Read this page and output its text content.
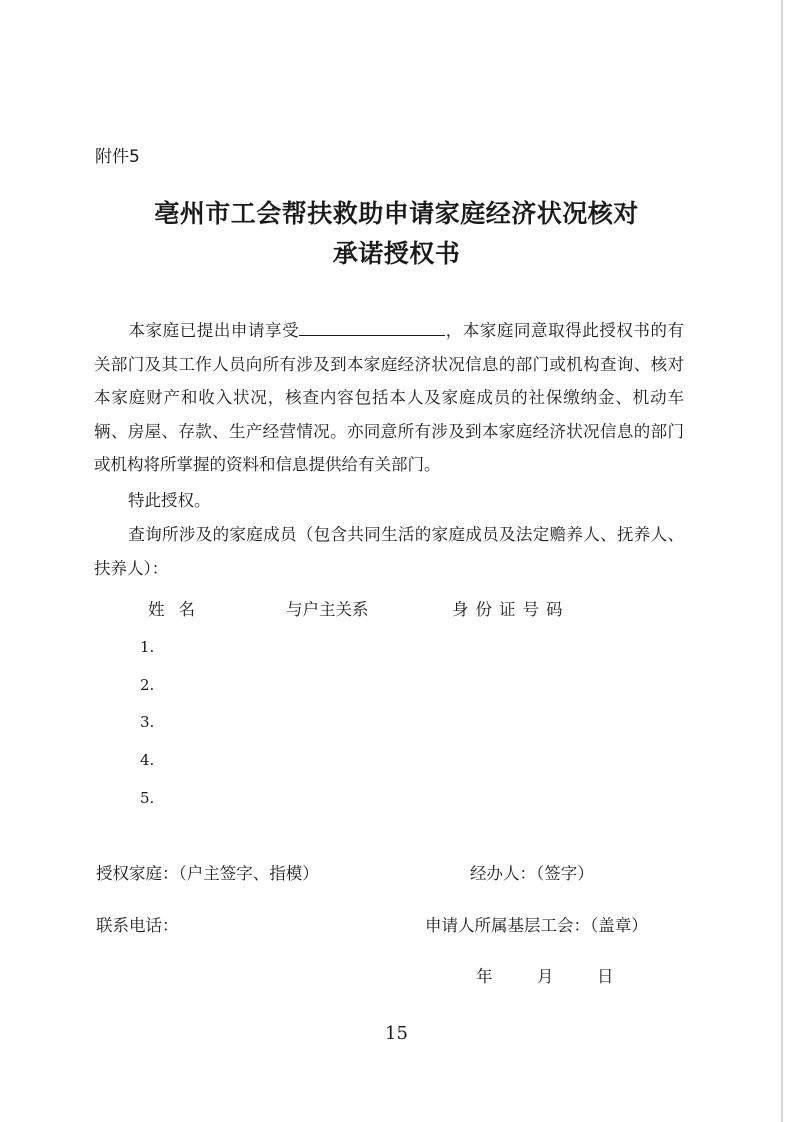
附件5
亳州市工会帮扶救助申请家庭经济状况核对
承诺授权书
本家庭已提出申请享受	，本家庭同意取得此授权书的有关部门及其工作人员向所有涉及到本家庭经济状况信息的部门或机构查询、核对本家庭财产和收入状况，核查内容包括本人及家庭成员的社保缴纳金、机动车辆、房屋、存款、生产经营情况。亦同意所有涉及到本家庭经济状况信息的部门或机构将所掌握的资料和信息提供给有关部门。
特此授权。
查询所涉及的家庭成员（包含共同生活的家庭成员及法定赡养人、抚养人、扶养人）：
姓名	与户主关系	身份证号码
1.
2.
3.
4.
5.
授权家庭：（户主签字、指模）	经办人：（签字）
联系电话：	申请人所属基层工会：（盖章）
年	月	日
15
